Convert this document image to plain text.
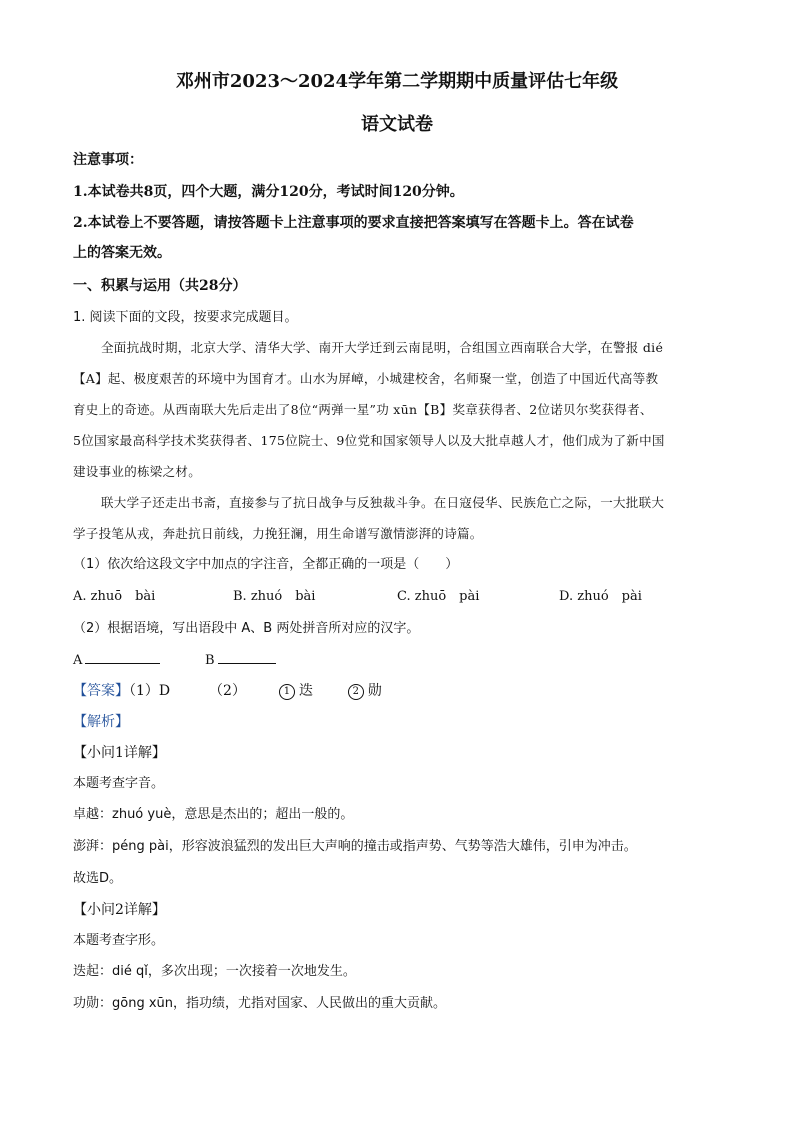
邓州市2023～2024学年第二学期期中质量评估七年级
语文试卷
注意事项：
1.本试卷共8页，四个大题，满分120分，考试时间120分钟。
2.本试卷上不要答题，请按答题卡上注意事项的要求直接把答案填写在答题卡上。答在试卷
上的答案无效。
一、积累与运用（共28分）
1. 阅读下面的文段，按要求完成题目。
全面抗战时期，北京大学、清华大学、南开大学迁到云南昆明，合组国立西南联合大学，在警报 dié
【A】起、极度艰苦的环境中为国育才。山水为屏嶂，小城建校舍，名师聚一堂，创造了中国近代高等教
育史上的奇迹。从西南联大先后走出了8位“两弹一星”功 xūn【B】奖章获得者、2位诺贝尔奖获得者、
5位国家最高科学技术奖获得者、175位院士、9位党和国家领导人以及大批卓越人才，他们成为了新中国
建设事业的栋梁之材。
联大学子还走出书斋，直接参与了抗日战争与反独裁斗争。在日寇侵华、民族危亡之际，一大批联大
学子投笔从戎，奔赴抗日前线，力挽狂澜，用生命谱写激情澎湃的诗篇。
（1）依次给这段文字中加点的字注音，全都正确的一项是（　　）
A. zhuō　bài	B. zhuó　bài	C. zhuō　pài	D. zhuó　pài
（2）根据语境，写出语段中 A、B 两处拼音所对应的汉字。
A	B
【答案】（1）D	（2）	1 迭	2 勋
【解析】
【小问1详解】
本题考查字音。
卓越：zhuó yuè，意思是杰出的；超出一般的。
澎湃：péng pài，形容波浪猛烈的发出巨大声响的撞击或指声势、气势等浩大雄伟，引申为冲击。
故选D。
【小问2详解】
本题考查字形。
迭起：dié qǐ，多次出现；一次接着一次地发生。
功勋：gōng xūn，指功绩，尤指对国家、人民做出的重大贡献。
